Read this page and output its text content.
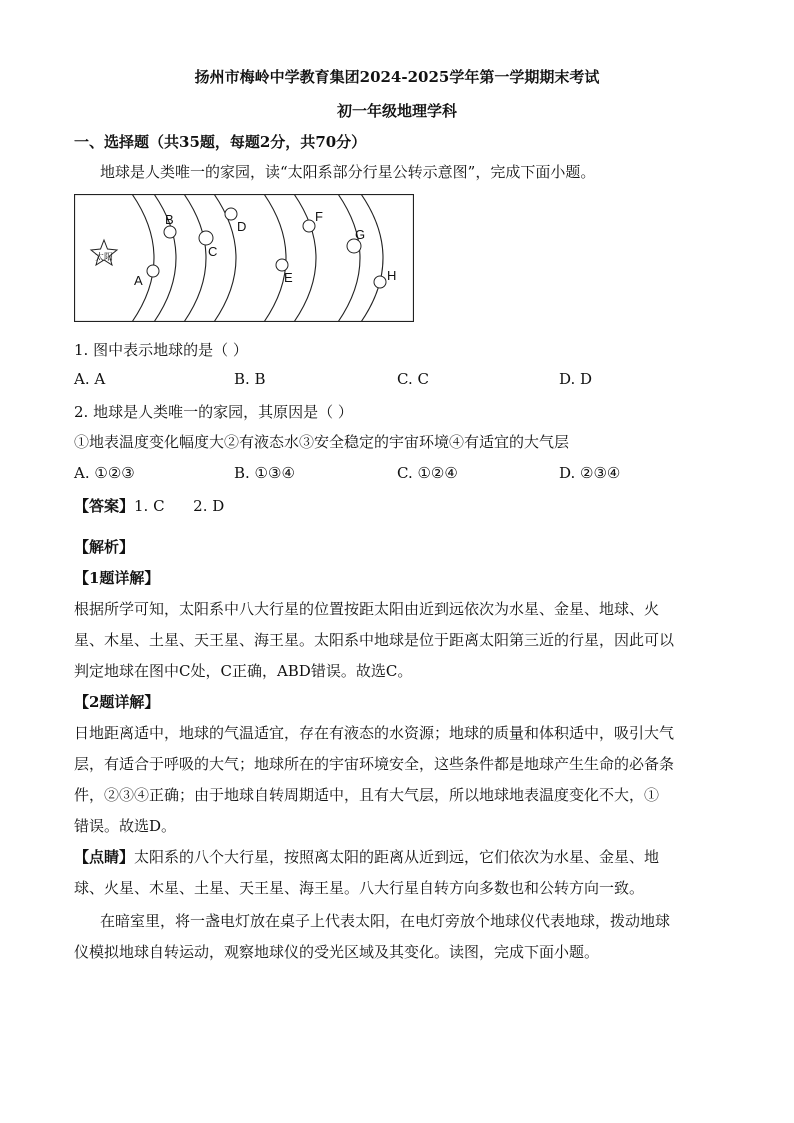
扬州市梅岭中学教育集团2024-2025学年第一学期期末考试
初一年级地理学科
一、选择题（共35题，每题2分，共70分）
地球是人类唯一的家园，读“太阳系部分行星公转示意图”，完成下面小题。
太阳
A
B
C
D
E
F
G
H
1. 图中表示地球的是（ ）
A. A	B. B	C. C	D. D
2. 地球是人类唯一的家园，其原因是（ ）
①地表温度变化幅度大②有液态水③安全稳定的宇宙环境④有适宜的大气层
A. ①②③	B. ①③④	C. ①②④	D. ②③④
【答案】1. C      2. D
【解析】
【1题详解】
根据所学可知，太阳系中八大行星的位置按距太阳由近到远依次为水星、金星、地球、火
星、木星、土星、天王星、海王星。太阳系中地球是位于距离太阳第三近的行星，因此可以
判定地球在图中C处，C正确，ABD错误。故选C。
【2题详解】
日地距离适中，地球的气温适宜，存在有液态的水资源；地球的质量和体积适中，吸引大气
层，有适合于呼吸的大气；地球所在的宇宙环境安全，这些条件都是地球产生生命的必备条
件，②③④正确；由于地球自转周期适中，且有大气层，所以地球地表温度变化不大，①
错误。故选D。
【点睛】太阳系的八个大行星，按照离太阳的距离从近到远，它们依次为水星、金星、地
球、火星、木星、土星、天王星、海王星。八大行星自转方向多数也和公转方向一致。
在暗室里，将一盏电灯放在桌子上代表太阳，在电灯旁放个地球仪代表地球，拨动地球
仪模拟地球自转运动，观察地球仪的受光区域及其变化。读图，完成下面小题。
